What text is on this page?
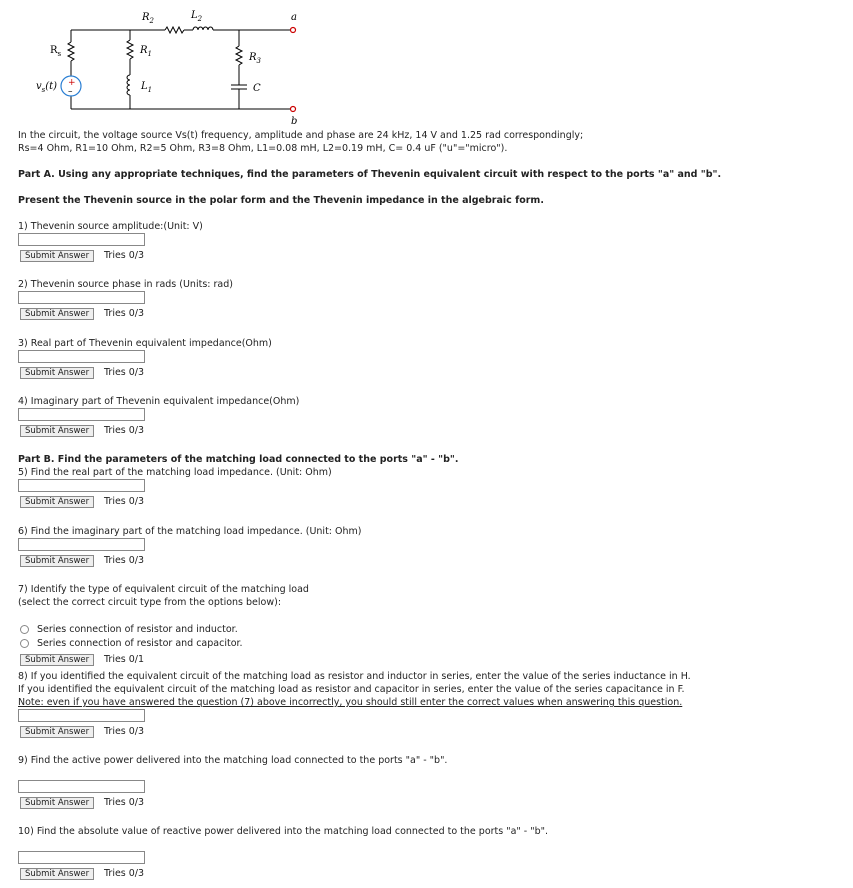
$R_2$	$L_2$	a
$R_s$	$R_1$	$R_3$
$v_s(t)$ +
–	$L_1$	C
b
In the circuit, the voltage source Vs(t) frequency, amplitude and phase are 24 kHz, 14 V and 1.25 rad correspondingly;
Rs=4 Ohm, R1=10 Ohm, R2=5 Ohm, R3=8 Ohm, L1=0.08 mH, L2=0.19 mH, C= 0.4 uF ("u"="micro").
Part A. Using any appropriate techniques, find the parameters of Thevenin equivalent circuit with respect to the ports "a" and "b".
Present the Thevenin source in the polar form and the Thevenin impedance in the algebraic form.
1) Thevenin source amplitude:(Unit: V)
Submit Answer	Tries 0/3
2) Thevenin source phase in rads (Units: rad)
Submit Answer	Tries 0/3
3) Real part of Thevenin equivalent impedance(Ohm)
Submit Answer	Tries 0/3
4) Imaginary part of Thevenin equivalent impedance(Ohm)
Submit Answer	Tries 0/3
Part B. Find the parameters of the matching load connected to the ports "a" - "b".
5) Find the real part of the matching load impedance. (Unit: Ohm)
Submit Answer	Tries 0/3
6) Find the imaginary part of the matching load impedance. (Unit: Ohm)
Submit Answer	Tries 0/3
7) Identify the type of equivalent circuit of the matching load
(select the correct circuit type from the options below):
Series connection of resistor and inductor.
Series connection of resistor and capacitor.
Submit Answer	Tries 0/1
8) If you identified the equivalent circuit of the matching load as resistor and inductor in series, enter the value of the series inductance in H.
If you identified the equivalent circuit of the matching load as resistor and capacitor in series, enter the value of the series capacitance in F.
Note: even if you have answered the question (7) above incorrectly, you should still enter the correct values when answering this question.
Submit Answer	Tries 0/3
9) Find the active power delivered into the matching load connected to the ports "a" - "b".
Submit Answer	Tries 0/3
10) Find the absolute value of reactive power delivered into the matching load connected to the ports "a" - "b".
Submit Answer	Tries 0/3
